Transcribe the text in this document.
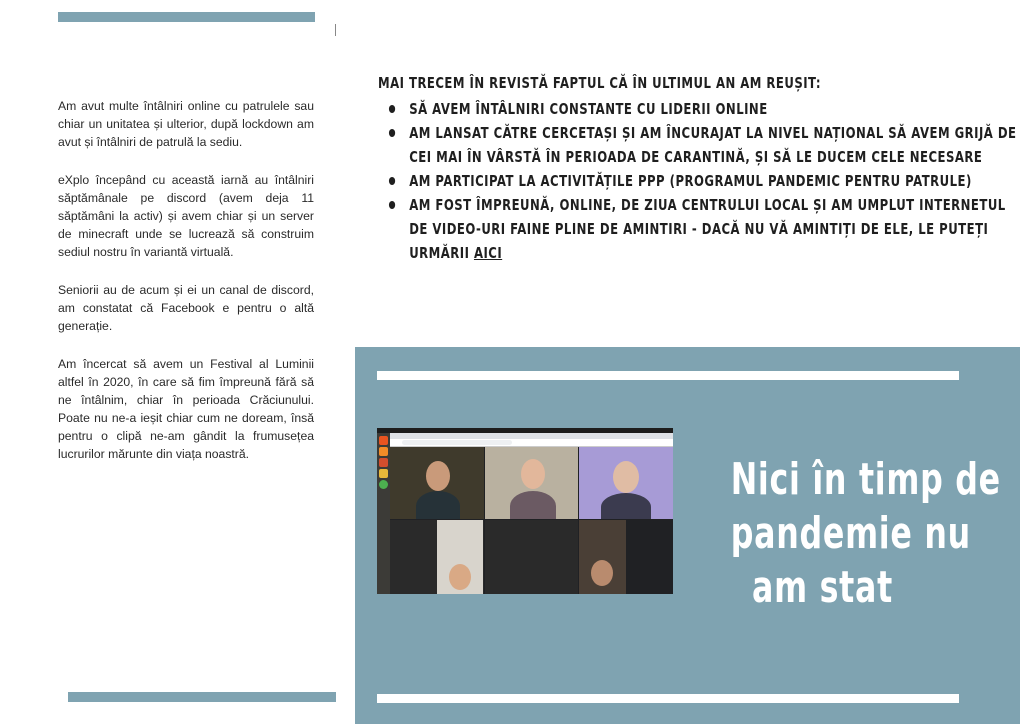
Am avut multe întâlniri online cu patrulele sau chiar un unitatea și ulterior, după lockdown am avut și întâlniri de patrulă la sediu.

eXplo începând cu această iarnă au întâlniri săptămânale pe discord (avem deja 11 săptămâni la activ) și avem chiar și un server de minecraft unde se lucrează să construim sediul nostru în variantă virtuală.

Seniorii au de acum și ei un canal de discord, am constatat că Facebook e pentru o altă generație.

Am încercat să avem un Festival al Luminii altfel în 2020, în care să fim împreună fără să ne întâlnim, chiar în perioada Crăciunului. Poate nu ne-a ieșit chiar cum ne doream, însă pentru o clipă ne-am gândit la frumusețea lucrurilor mărunte din viața noastră.

MAI TRECEM ÎN REVISTĂ FAPTUL CĂ ÎN ULTIMUL AN AM REUȘIT:

SĂ AVEM ÎNTÂLNIRI CONSTANTE CU LIDERII ONLINE
AM LANSAT CĂTRE CERCETAȘI ȘI AM ÎNCURAJAT LA NIVEL NAȚIONAL SĂ AVEM GRIJĂ DE CEI MAI ÎN VÂRSTĂ ÎN PERIOADA DE CARANTINĂ, ȘI SĂ LE DUCEM CELE NECESARE
AM PARTICIPAT LA ACTIVITĂȚILE PPP (PROGRAMUL PANDEMIC PENTRU PATRULE)
AM FOST ÎMPREUNĂ, ONLINE, DE ZIUA CENTRULUI LOCAL ȘI AM UMPLUT INTERNETUL DE VIDEO-URI FAINE PLINE DE AMINTIRI - DACĂ NU VĂ AMINTIȚI DE ELE, LE PUTEȚI URMĂRII AICI
Nici în timp de
pandemie nu
am stat
